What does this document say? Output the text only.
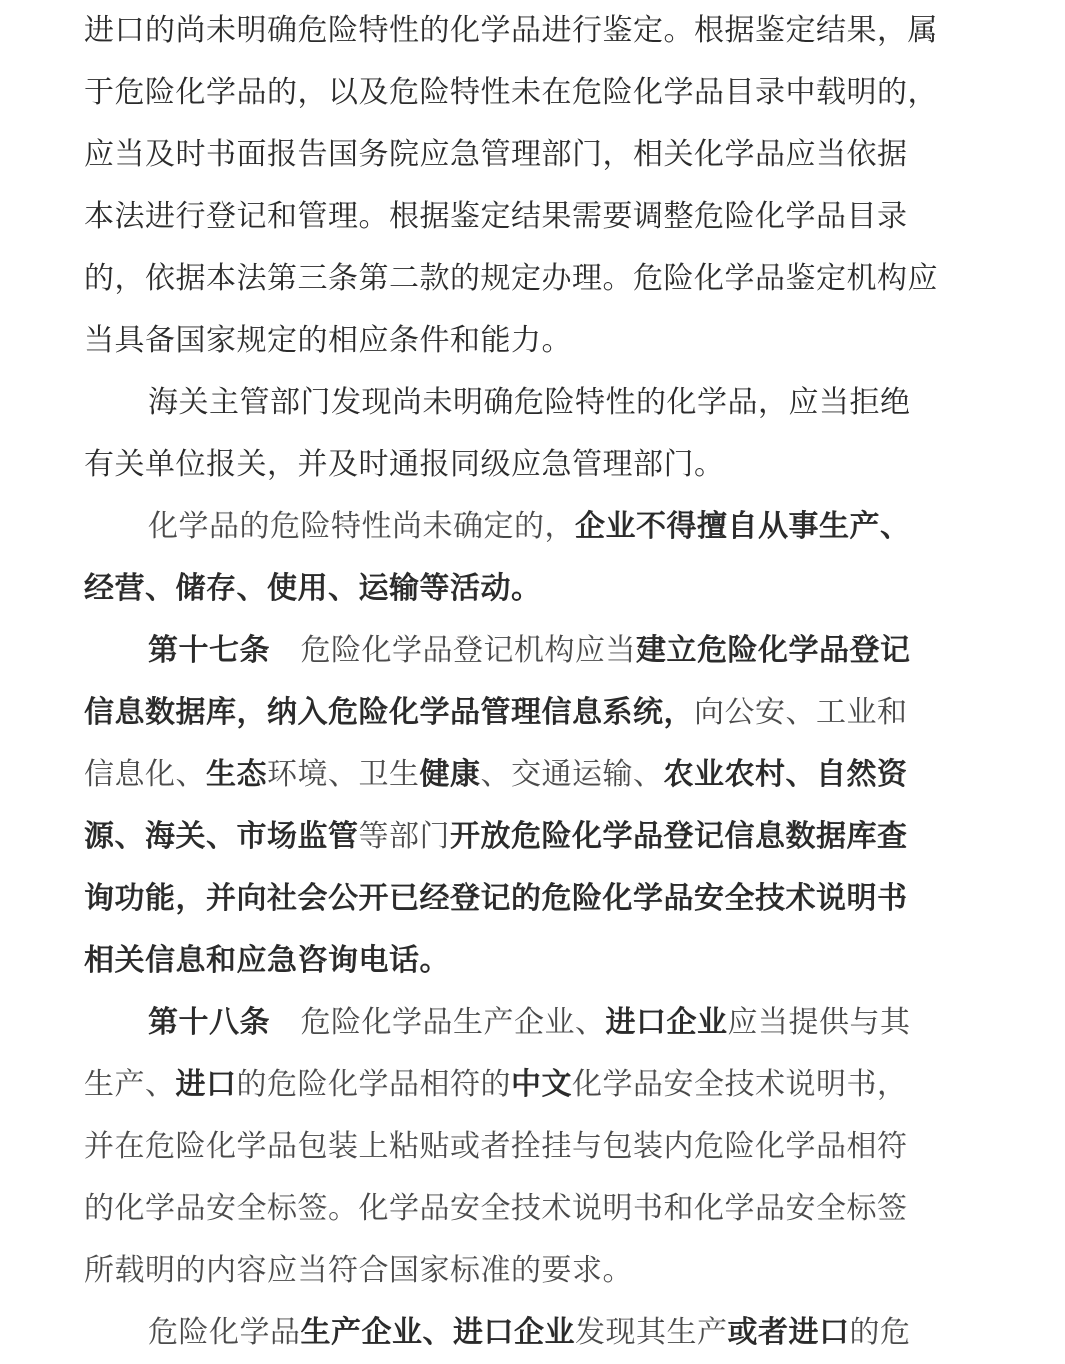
进口的尚未明确危险特性的化学品进行鉴定。根据鉴定结果，属
于危险化学品的，以及危险特性未在危险化学品目录中载明的，
应当及时书面报告国务院应急管理部门，相关化学品应当依据
本法进行登记和管理。根据鉴定结果需要调整危险化学品目录
的，依据本法第三条第二款的规定办理。危险化学品鉴定机构应
当具备国家规定的相应条件和能力。
海关主管部门发现尚未明确危险特性的化学品，应当拒绝
有关单位报关，并及时通报同级应急管理部门。
化学品的危险特性尚未确定的，企业不得擅自从事生产、
经营、储存、使用、运输等活动。
第十七条　危险化学品登记机构应当建立危险化学品登记
信息数据库，纳入危险化学品管理信息系统，向公安、工业和
信息化、生态环境、卫生健康、交通运输、农业农村、自然资
源、海关、市场监管等部门开放危险化学品登记信息数据库查
询功能，并向社会公开已经登记的危险化学品安全技术说明书
相关信息和应急咨询电话。
第十八条　危险化学品生产企业、进口企业应当提供与其
生产、进口的危险化学品相符的中文化学品安全技术说明书，
并在危险化学品包装上粘贴或者拴挂与包装内危险化学品相符
的化学品安全标签。化学品安全技术说明书和化学品安全标签
所载明的内容应当符合国家标准的要求。
危险化学品生产企业、进口企业发现其生产或者进口的危
